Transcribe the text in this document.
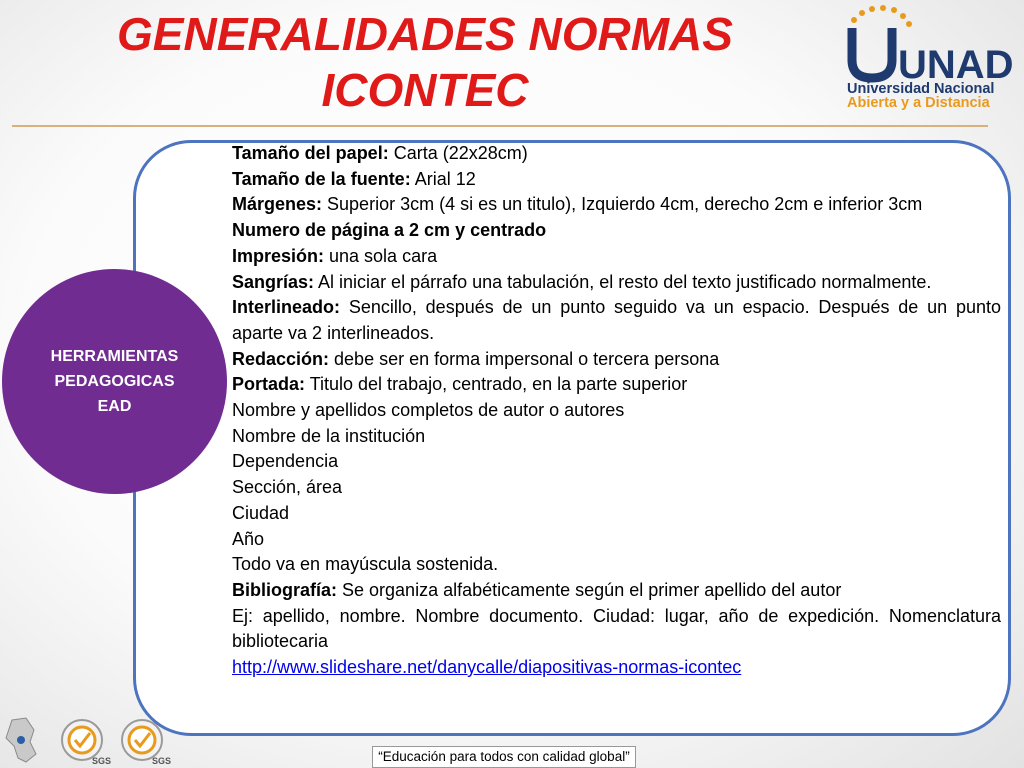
GENERALIDADES NORMAS
ICONTEC	UNAD
Universidad Nacional
Abierta y a Distancia
HERRAMIENTAS
PEDAGOGICAS
EAD

Tamaño del papel: Carta (22x28cm)

Tamaño de la fuente: Arial 12

Márgenes: Superior 3cm (4 si es un titulo), Izquierdo 4cm, derecho 2cm e inferior 3cm

Numero de página a 2 cm y centrado

Impresión: una sola cara

Sangrías: Al iniciar el párrafo una tabulación, el resto del texto justificado normalmente.

Interlineado: Sencillo, después de un punto seguido va un espacio. Después de un punto aparte va 2 interlineados.

Redacción: debe ser en forma impersonal o tercera persona

Portada: Titulo del trabajo, centrado, en la parte superior

Nombre y apellidos completos de autor o autores

Nombre de la institución

Dependencia

Sección, área

Ciudad

Año

Todo va en mayúscula sostenida.

Bibliografía: Se organiza alfabéticamente según el primer apellido del autor

Ej: apellido, nombre. Nombre documento. Ciudad: lugar, año de expedición. Nomenclatura bibliotecaria

http://www.slideshare.net/danycalle/diapositivas-normas-icontec

SGS	SGS	“Educación para todos con calidad global”
